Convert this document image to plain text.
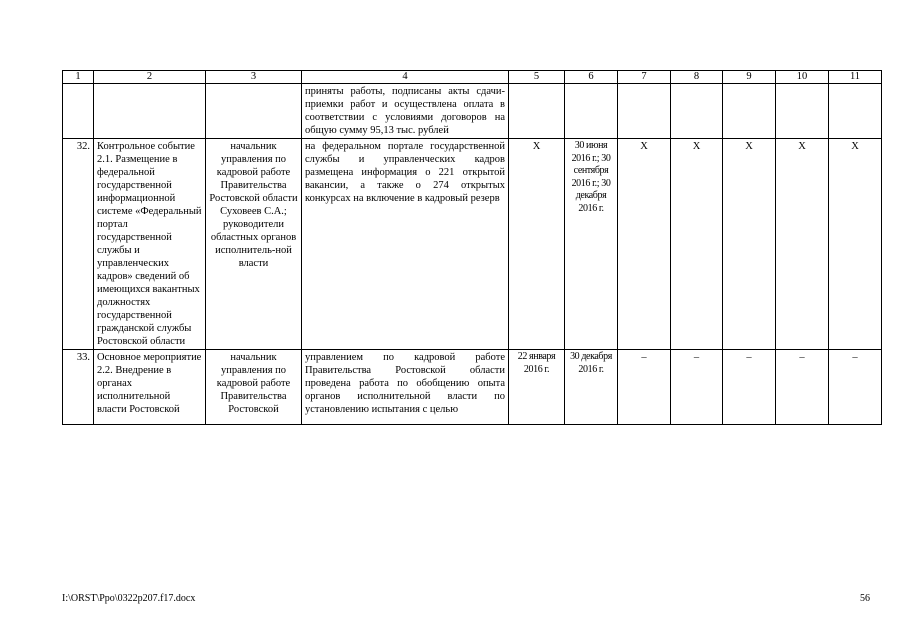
1	2	3	4	5	6	7	8	9	10	11
			приняты работы, подписаны акты сдачи-приемки работ и осуществлена оплата в соответствии с условиями договоров на общую сумму 95,13 тыс. рублей							
32.	Контрольное событие 2.1. Размещение в федеральной государственной информационной системе «Федеральный портал государственной службы и управленческих кадров» сведений об имеющихся вакантных должностях государственной гражданской службы Ростовской области	начальник управления по кадровой работе Правительства Ростовской области Суховеев С.А.; руководители областных органов исполнитель-ной власти	на федеральном портале государственной службы и управленческих кадров размещена информация о 221 открытой вакансии, а также о 274 открытых конкурсах на включение в кадровый резерв	X	30 июня 2016 г.; 30 сентября 2016 г.; 30 декабря 2016 г.	X	X	X	X	X
33.	Основное мероприятие 2.2. Внедрение в органах исполнительной власти Ростовской	начальник управления по кадровой работе Правительства Ростовской	управлением по кадровой работе Правительства Ростовской области проведена работа по обобщению опыта органов исполнительной власти по установлению испытания с целью	22 января 2016 г.	30 декабря 2016 г.	–	–	–	–	–
I:\ORST\Ppo\0322p207.f17.docx	56
